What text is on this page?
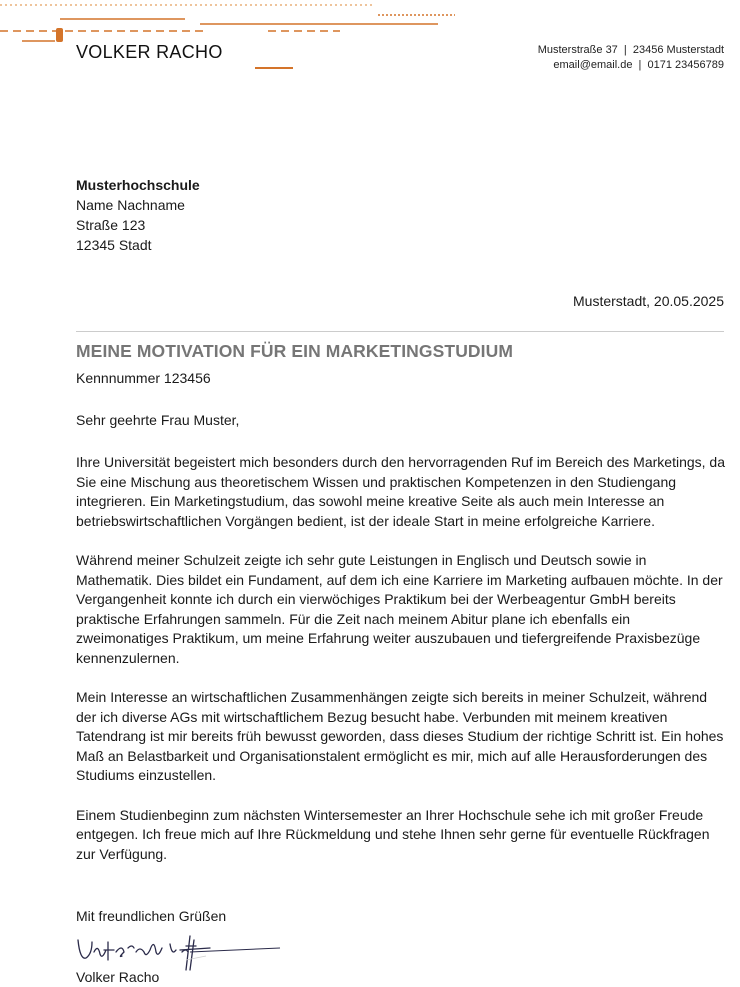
VOLKER RACHO	Musterstraße 37  |  23456 Musterstadt
email@email.de  |  0171 23456789
Musterhochschule
Name Nachname
Straße 123
12345 Stadt
Musterstadt, 20.05.2025
MEINE MOTIVATION FÜR EIN MARKETINGSTUDIUM
Kennnummer 123456
Sehr geehrte Frau Muster,

Ihre Universität begeistert mich besonders durch den hervorragenden Ruf im Bereich des Marketings, da Sie eine Mischung aus theoretischem Wissen und praktischen Kompetenzen in den Studiengang integrieren. Ein Marketingstudium, das sowohl meine kreative Seite als auch mein Interesse an betriebswirtschaftlichen Vorgängen bedient, ist der ideale Start in meine erfolgreiche Karriere.

Während meiner Schulzeit zeigte ich sehr gute Leistungen in Englisch und Deutsch sowie in Mathematik. Dies bildet ein Fundament, auf dem ich eine Karriere im Marketing aufbauen möchte. In der Vergangenheit konnte ich durch ein vierwöchiges Praktikum bei der Werbeagentur GmbH bereits praktische Erfahrungen sammeln. Für die Zeit nach meinem Abitur plane ich ebenfalls ein zweimonatiges Praktikum, um meine Erfahrung weiter auszubauen und tiefergreifende Praxisbezüge kennenzulernen.

Mein Interesse an wirtschaftlichen Zusammenhängen zeigte sich bereits in meiner Schulzeit, während der ich diverse AGs mit wirtschaftlichem Bezug besucht habe. Verbunden mit meinem kreativen Tatendrang ist mir bereits früh bewusst geworden, dass dieses Studium der richtige Schritt ist. Ein hohes Maß an Belastbarkeit und Organisationstalent ermöglicht es mir, mich auf alle Herausforderungen des Studiums einzustellen.

Einem Studienbeginn zum nächsten Wintersemester an Ihrer Hochschule sehe ich mit großer Freude entgegen. Ich freue mich auf Ihre Rückmeldung und stehe Ihnen sehr gerne für eventuelle Rückfragen zur Verfügung.

Mit freundlichen Grüßen
Volker Racho
